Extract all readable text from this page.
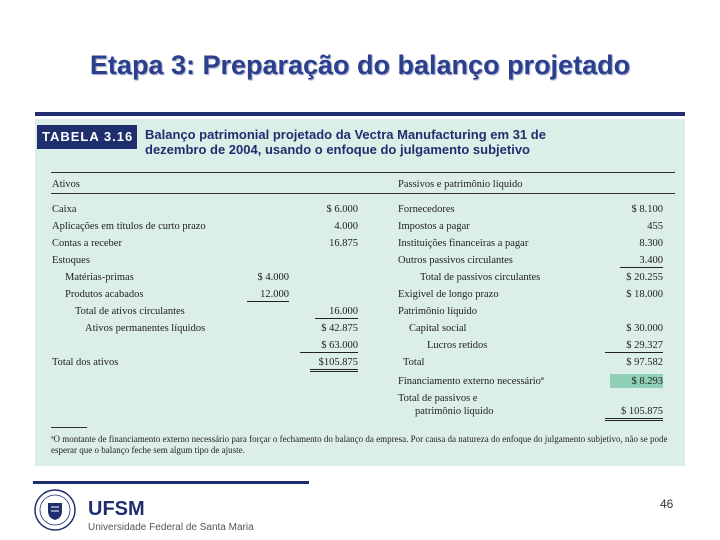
Etapa 3: Preparação do balanço projetado
TABELA 3.16 Balanço patrimonial projetado da Vectra Manufacturing em 31 de
dezembro de 2004, usando o enfoque do julgamento subjetivo
Ativos	Passivos e patrimônio líquido
Caixa	$ 6.000
Aplicações em títulos de curto prazo	4.000
Contas a receber	16.875
Estoques
Matérias-primas	$ 4.000
Produtos acabados	12.000
Total de ativos circulantes	16.000
Ativos permanentes líquidos	$ 42.875
$ 63.000
Total dos ativos	$105.875
Fornecedores	$ 8.100
Impostos a pagar	455
Instituições financeiras a pagar	8.300
Outros passivos circulantes	3.400
Total de passivos circulantes	$ 20.255
Exigível de longo prazo	$ 18.000
Patrimônio líquido
Capital social	$ 30.000
Lucros retidos	$ 29.327
Total	$ 97.582
Financiamento externo necessárioª	$ 8.293
Total de passivos e
patrimônio líquido	$ 105.875
ªO montante de financiamento externo necessário para forçar o fechamento do balanço da empresa. Por causa da natureza do enfoque do julgamento subjetivo, não se pode esperar que o balanço feche sem algum tipo de ajuste.
UFSM
Universidade Federal de Santa Maria
46
